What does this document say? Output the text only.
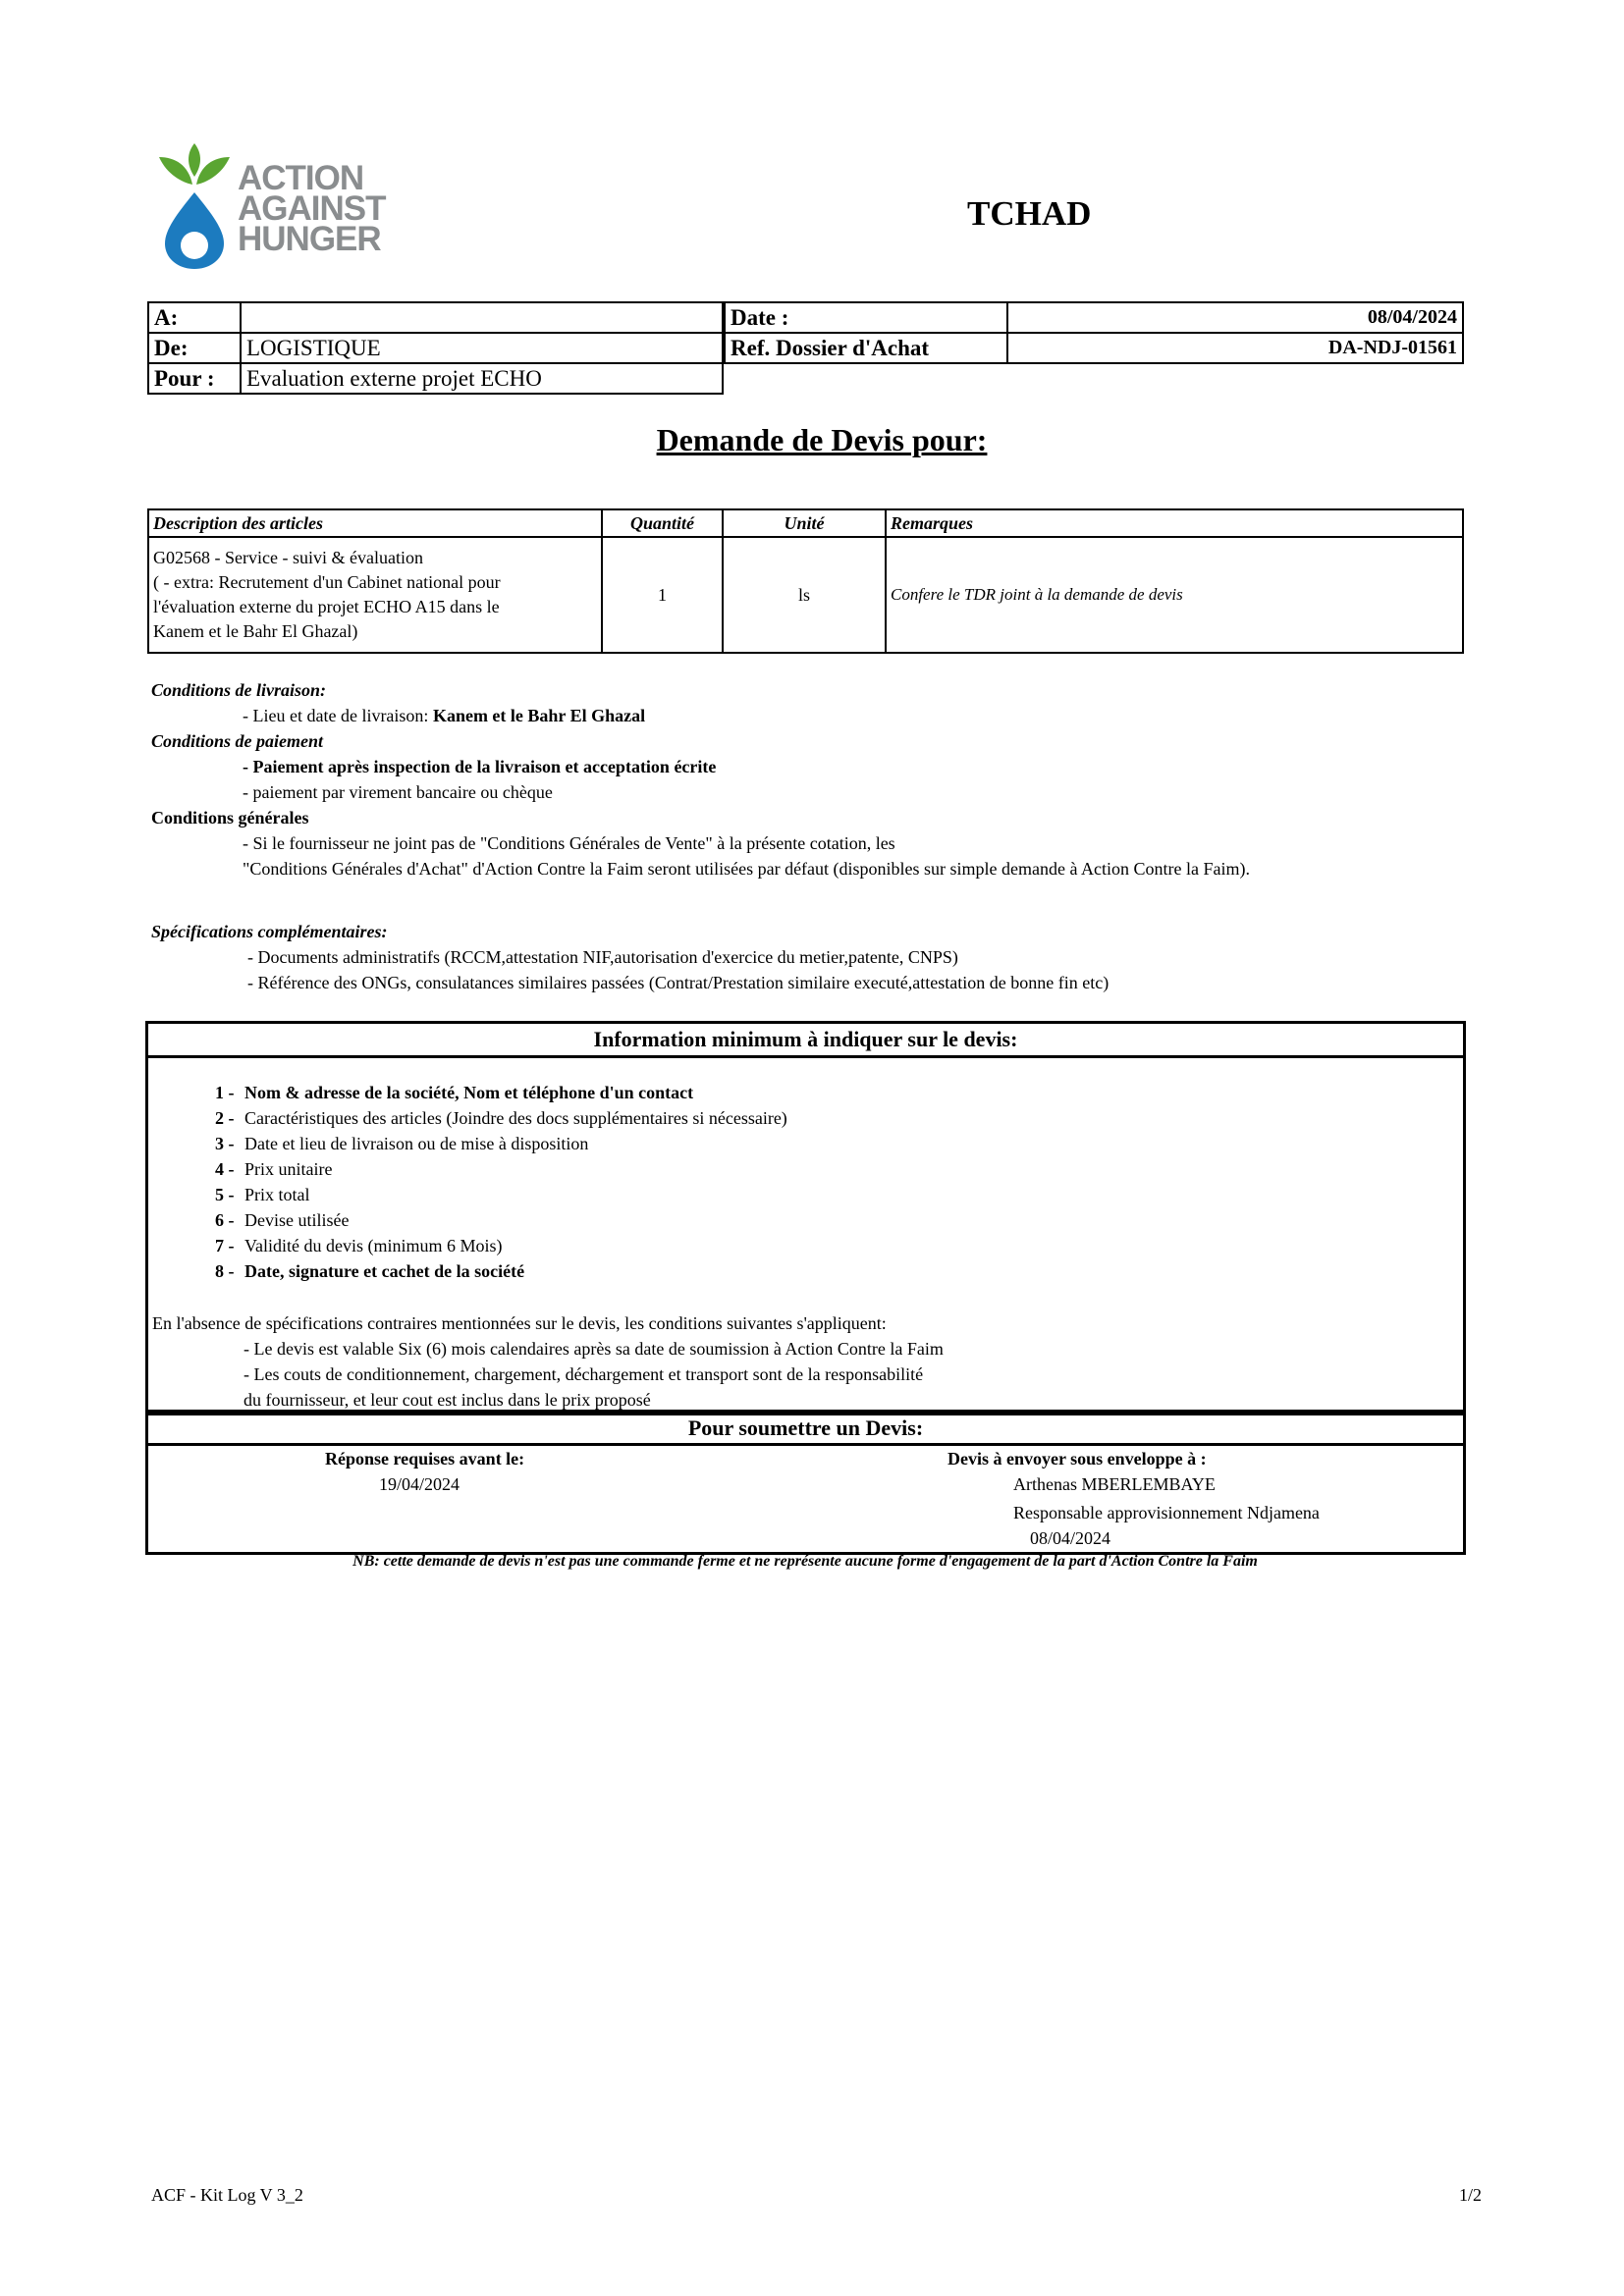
ACTION
AGAINST
HUNGER
TCHAD
A:	
De:	LOGISTIQUE
Pour :	Evaluation externe projet ECHO
Date :	08/04/2024
Ref. Dossier d'Achat	DA-NDJ-01561
Demande de Devis pour:
Description des articles	Quantité	Unité	Remarques

G02568 - Service - suivi & évaluation
( - extra: Recrutement d'un Cabinet national pour
l'évaluation externe du projet ECHO A15 dans le
Kanem et le Bahr El Ghazal)	1	ls	Confere le TDR joint à la demande de devis
Conditions de livraison:
- Lieu et date de livraison: Kanem et le Bahr El Ghazal
Conditions de paiement
- Paiement après inspection de la livraison et acceptation écrite
- paiement par virement bancaire ou chèque
Conditions générales
- Si le fournisseur ne joint pas de "Conditions Générales de Vente" à la présente cotation, les
"Conditions Générales d'Achat" d'Action Contre la Faim seront utilisées par défaut (disponibles sur simple demande à Action Contre la Faim).
Spécifications complémentaires:
- Documents administratifs (RCCM,attestation NIF,autorisation d'exercice du metier,patente, CNPS)
- Référence des ONGs, consulatances similaires passées (Contrat/Prestation similaire executé,attestation de bonne fin etc)
Information minimum à indiquer sur le devis:
1 - Nom & adresse de la société, Nom et téléphone d'un contact
2 - Caractéristiques des articles (Joindre des docs supplémentaires si nécessaire)
3 - Date et lieu de livraison ou de mise à disposition
4 - Prix unitaire
5 - Prix total
6 - Devise utilisée
7 - Validité du devis (minimum 6 Mois)
8 - Date, signature et cachet de la société
En l'absence de spécifications contraires mentionnées sur le devis, les conditions suivantes s'appliquent:
- Le devis est valable Six (6) mois calendaires après sa date de soumission à Action Contre la Faim
- Les couts de conditionnement, chargement, déchargement et transport sont de la responsabilité
du fournisseur, et leur cout est inclus dans le prix proposé
Pour soumettre un Devis:
Réponse requises avant le:
19/04/2024
Devis à envoyer sous enveloppe à :
Arthenas MBERLEMBAYE
Responsable approvisionnement Ndjamena
08/04/2024
NB: cette demande de devis n'est pas une commande ferme et ne représente aucune forme d'engagement de la part d'Action Contre la Faim
ACF - Kit Log V 3_2	1/2
